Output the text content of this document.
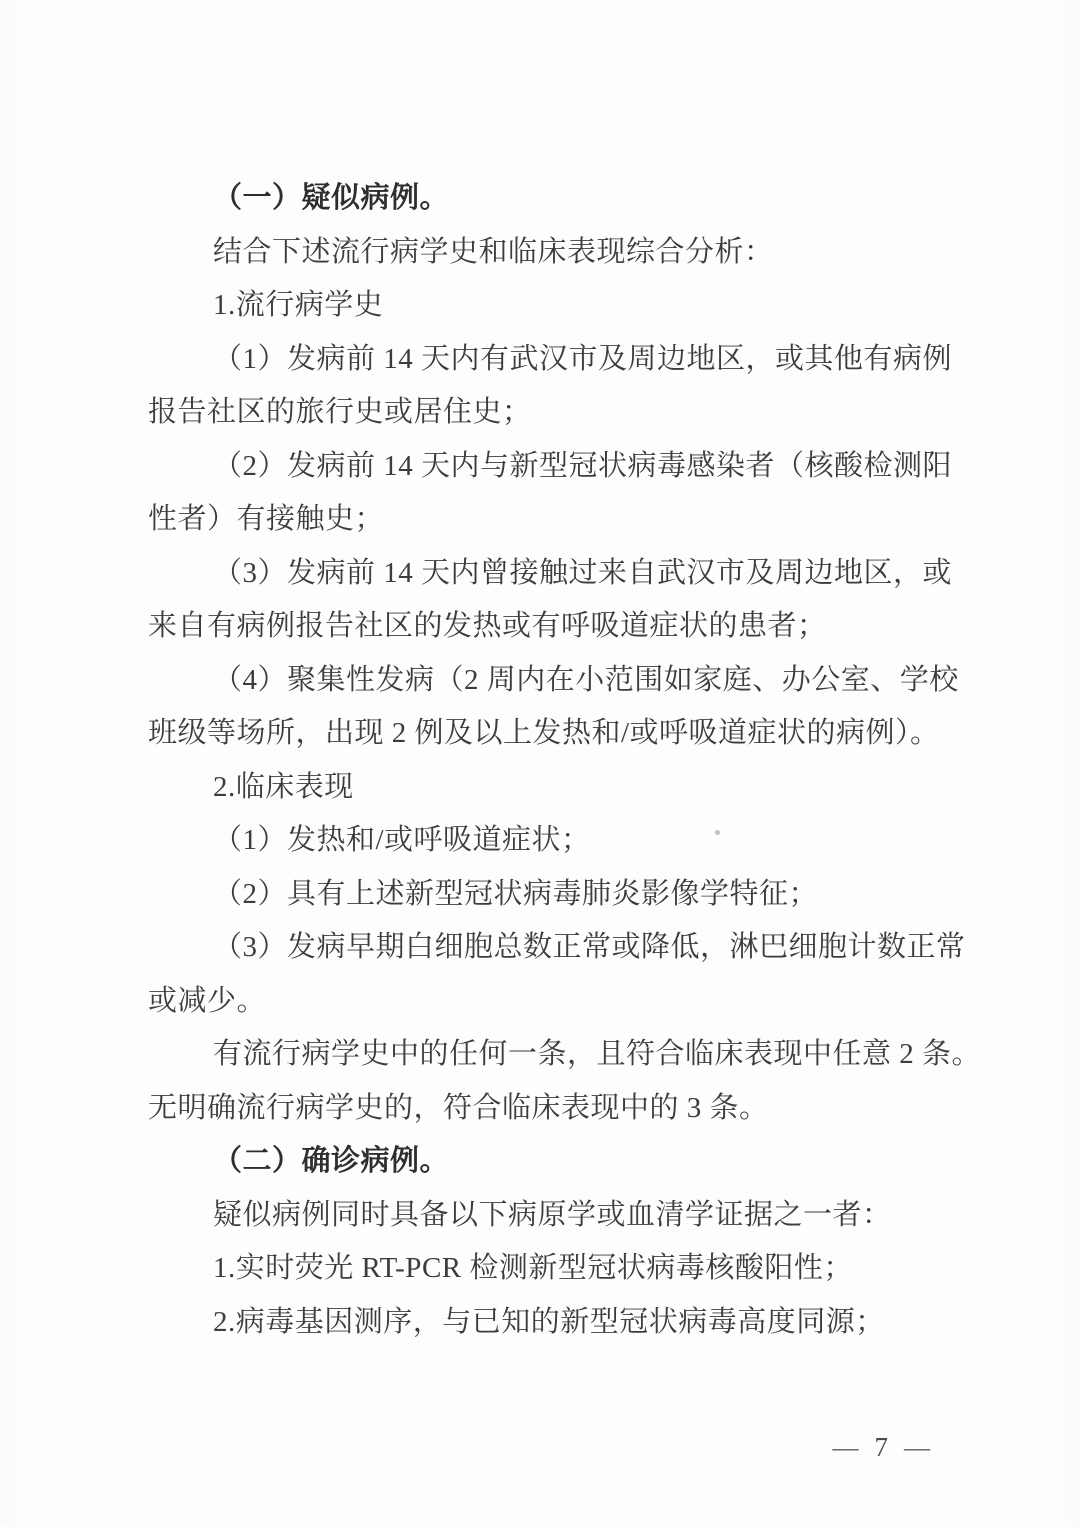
（一）疑似病例。
结合下述流行病学史和临床表现综合分析：
1.流行病学史
（1）发病前 14 天内有武汉市及周边地区，或其他有病例
报告社区的旅行史或居住史；
（2）发病前 14 天内与新型冠状病毒感染者（核酸检测阳
性者）有接触史；
（3）发病前 14 天内曾接触过来自武汉市及周边地区，或
来自有病例报告社区的发热或有呼吸道症状的患者；
（4）聚集性发病（2 周内在小范围如家庭、办公室、学校
班级等场所，出现 2 例及以上发热和/或呼吸道症状的病例）。
2.临床表现
（1）发热和/或呼吸道症状；
（2）具有上述新型冠状病毒肺炎影像学特征；
（3）发病早期白细胞总数正常或降低，淋巴细胞计数正常
或减少。
有流行病学史中的任何一条，且符合临床表现中任意 2 条。
无明确流行病学史的，符合临床表现中的 3 条。
（二）确诊病例。
疑似病例同时具备以下病原学或血清学证据之一者：
1.实时荧光 RT-PCR 检测新型冠状病毒核酸阳性；
2.病毒基因测序，与已知的新型冠状病毒高度同源；
— 7 —
